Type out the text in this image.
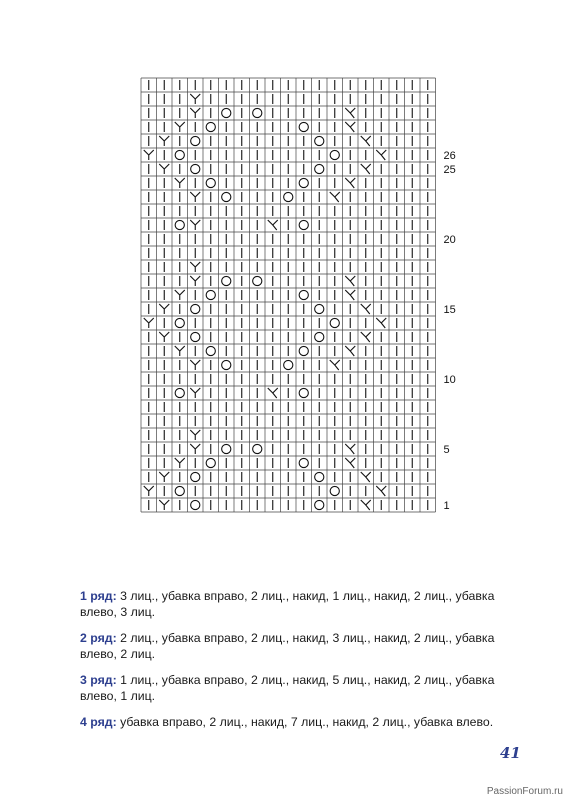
26
25
20
15
10
5
1

1 ряд: 3 лиц., убавка вправо, 2 лиц., накид, 1 лиц., накид, 2 лиц., убавка влево, 3 лиц.

2 ряд: 2 лиц., убавка вправо, 2 лиц., накид, 3 лиц., накид, 2 лиц., убавка влево, 2 лиц.

3 ряд: 1 лиц., убавка вправо, 2 лиц., накид, 5 лиц., накид, 2 лиц., убавка влево, 1 лиц.

4 ряд: убавка вправо, 2 лиц., накид, 7 лиц., накид, 2 лиц., убавка влево.

41
PassionForum.ru
